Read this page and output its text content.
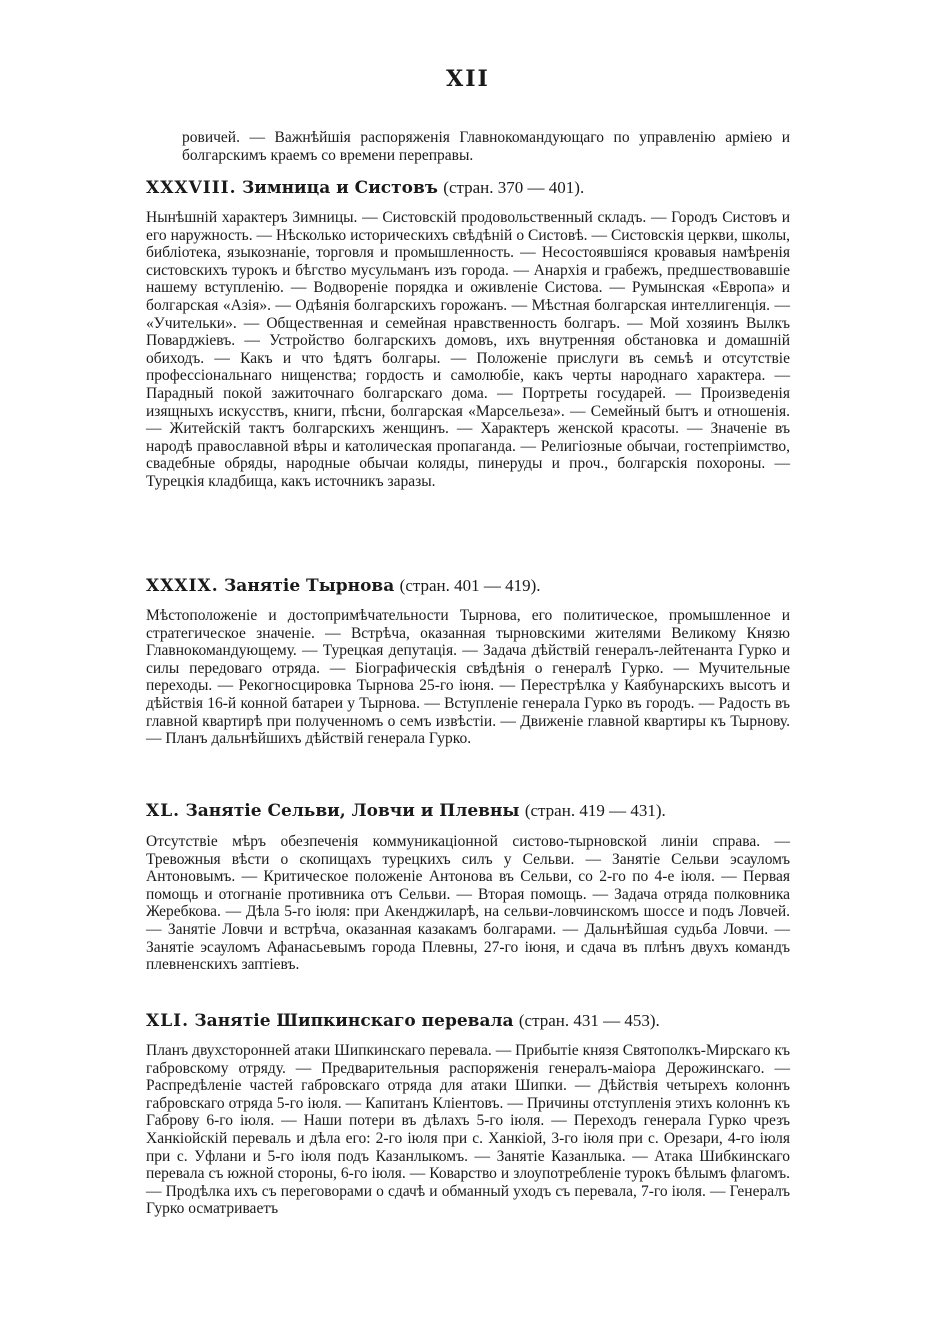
XII

ровичей. — Важнѣйшія распоряженія Главнокомандующаго по управленію арміею и болгарскимъ краемъ со времени переправы.

XXXVIII. Зимница и Систовъ (стран. 370 — 401).

Нынѣшній характеръ Зимницы. — Систовскій продовольственный складъ. — Городъ Систовъ и его наружность. — Нѣсколько историческихъ свѣдѣній о Систовѣ. — Систовскія церкви, школы, библіотека, языкознаніе, торговля и промышленность. — Несостоявшіяся кровавыя намѣренія систовскихъ турокъ и бѣгство мусульманъ изъ города. — Анархія и грабежъ, предшествовавшіе нашему вступленію. — Водвореніе порядка и оживленіе Систова. — Румынская «Европа» и болгарская «Азія». — Одѣянія болгарскихъ горожанъ. — Мѣстная болгарская интеллигенція. — «Учительки». — Общественная и семейная нравственность болгаръ. — Мой хозяинъ Вылкъ Поварджіевъ. — Устройство болгарскихъ домовъ, ихъ внутренняя обстановка и домашній обиходъ. — Какъ и что ѣдятъ болгары. — Положеніе прислуги въ семьѣ и отсутствіе профессіональнаго нищенства; гордость и самолюбіе, какъ черты народнаго характера. — Парадный покой зажиточнаго болгарскаго дома. — Портреты государей. — Произведенія изящныхъ искусствъ, книги, пѣсни, болгарская «Марсельеза». — Семейный бытъ и отношенія. — Житейскій тактъ болгарскихъ женщинъ. — Характеръ женской красоты. — Значеніе въ народѣ православной вѣры и католическая пропаганда. — Религіозные обычаи, гостепріимство, свадебные обряды, народные обычаи коляды, пинеруды и проч., болгарскія похороны. — Турецкія кладбища, какъ источникъ заразы.

XXXIX. Занятіе Тырнова (стран. 401 — 419).

Мѣстоположеніе и достопримѣчательности Тырнова, его политическое, промышленное и стратегическое значеніе. — Встрѣча, оказанная тырновскими жителями Великому Князю Главнокомандующему. — Турецкая депутація. — Задача дѣйствій генералъ-лейтенанта Гурко и силы передоваго отряда. — Біографическія свѣдѣнія о генералѣ Гурко. — Мучительные переходы. — Рекогносцировка Тырнова 25-го іюня. — Перестрѣлка у Каябунарскихъ высотъ и дѣйствія 16-й конной батареи у Тырнова. — Вступленіе генерала Гурко въ городъ. — Радость въ главной квартирѣ при полученномъ о семъ извѣстіи. — Движеніе главной квартиры къ Тырнову. — Планъ дальнѣйшихъ дѣйствій генерала Гурко.

XL. Занятіе Сельви, Ловчи и Плевны (стран. 419 — 431).

Отсутствіе мѣръ обезпеченія коммуникаціонной систово-тырновской линіи справа. — Тревожныя вѣсти о скопищахъ турецкихъ силъ у Сельви. — Занятіе Сельви эсауломъ Антоновымъ. — Критическое положеніе Антонова въ Сельви, со 2-го по 4-е іюля. — Первая помощь и отогнаніе противника отъ Сельви. — Вторая помощь. — Задача отряда полковника Жеребкова. — Дѣла 5-го іюля: при Акенджиларѣ, на сельви-ловчинскомъ шоссе и подъ Ловчей. — Занятіе Ловчи и встрѣча, оказанная казакамъ болгарами. — Дальнѣйшая судьба Ловчи. — Занятіе эсауломъ Афанасьевымъ города Плевны, 27-го іюня, и сдача въ плѣнъ двухъ командъ плевненскихъ заптіевъ.

XLI. Занятіе Шипкинскаго перевала (стран. 431 — 453).

Планъ двухсторонней атаки Шипкинскаго перевала. — Прибытіе князя Святополкъ-Мирскаго къ габровскому отряду. — Предварительныя распоряженія генералъ-маіора Дерожинскаго. — Распредѣленіе частей габровскаго отряда для атаки Шипки. — Дѣйствія четырехъ колоннъ габровскаго отряда 5-го іюля. — Капитанъ Кліентовъ. — Причины отступленія этихъ колоннъ къ Габрову 6-го іюля. — Наши потери въ дѣлахъ 5-го іюля. — Переходъ генерала Гурко чрезъ Ханкіойскій переваль и дѣла его: 2-го іюля при с. Ханкіой, 3-го іюля при с. Орезари, 4-го іюля при с. Уфлани и 5-го іюля подъ Казанлыкомъ. — Занятіе Казанлыка. — Атака Шибкинскаго перевала съ южной стороны, 6-го іюля. — Коварство и злоупотребленіе турокъ бѣлымъ флагомъ. — Продѣлка ихъ съ переговорами о сдачѣ и обманный уходъ съ перевала, 7-го іюля. — Генералъ Гурко осматриваетъ
